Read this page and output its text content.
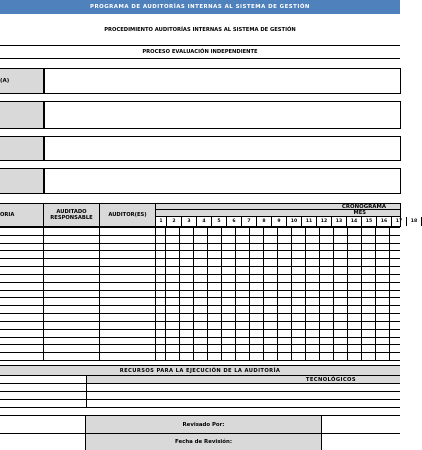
PROGRAMA DE AUDITORÍAS INTERNAS AL SISTEMA DE GESTIÓN
PROCEDIMIENTO AUDITORÍAS INTERNAS AL SISTEMA DE GESTIÓN
PROCESO EVALUACIÓN INDEPENDIENTE
(A)
ORIA	AUDITADO RESPONSABLE	AUDITOR(ES)
CRONOGRAMA
MES
1	2	3	4	5	6	7	8	9	10	11	12	13	14	15	16	17	18
RECURSOS PARA LA EJECUCIÓN DE LA AUDITORÍA
TECNOLÓGICOS
Revisado Por:
Fecha de Revisión:
